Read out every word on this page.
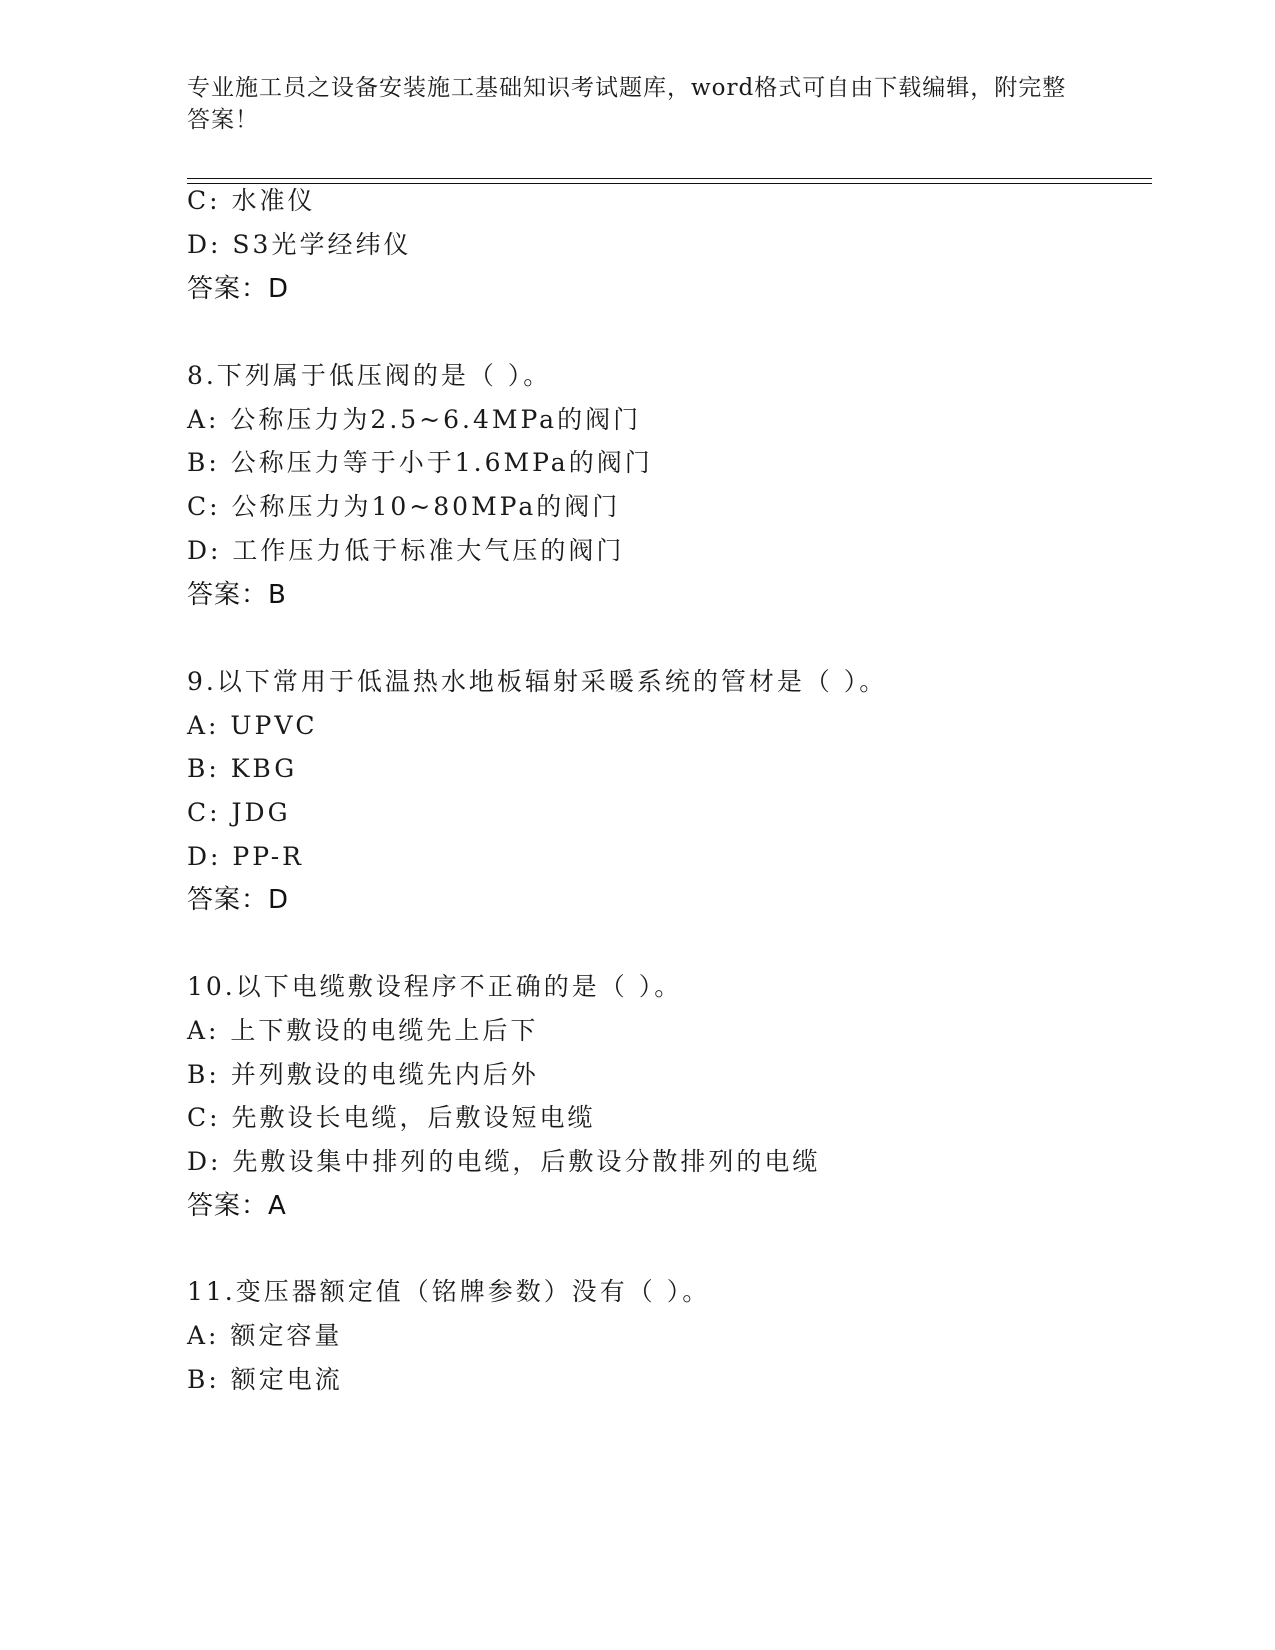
专业施工员之设备安装施工基础知识考试题库，word格式可自由下载编辑，附完整答案！
C: 水准仪
D: S3光学经纬仪
答案：D
8.下列属于低压阀的是（ ）。
A: 公称压力为2.5~6.4MPa的阀门
B: 公称压力等于小于1.6MPa的阀门
C: 公称压力为10~80MPa的阀门
D: 工作压力低于标准大气压的阀门
答案：B
9.以下常用于低温热水地板辐射采暖系统的管材是（ ）。
A: UPVC
B: KBG
C: JDG
D: PP-R
答案：D
10.以下电缆敷设程序不正确的是（ ）。
A: 上下敷设的电缆先上后下
B: 并列敷设的电缆先内后外
C: 先敷设长电缆，后敷设短电缆
D: 先敷设集中排列的电缆，后敷设分散排列的电缆
答案：A
11.变压器额定值（铭牌参数）没有（ ）。
A: 额定容量
B: 额定电流
